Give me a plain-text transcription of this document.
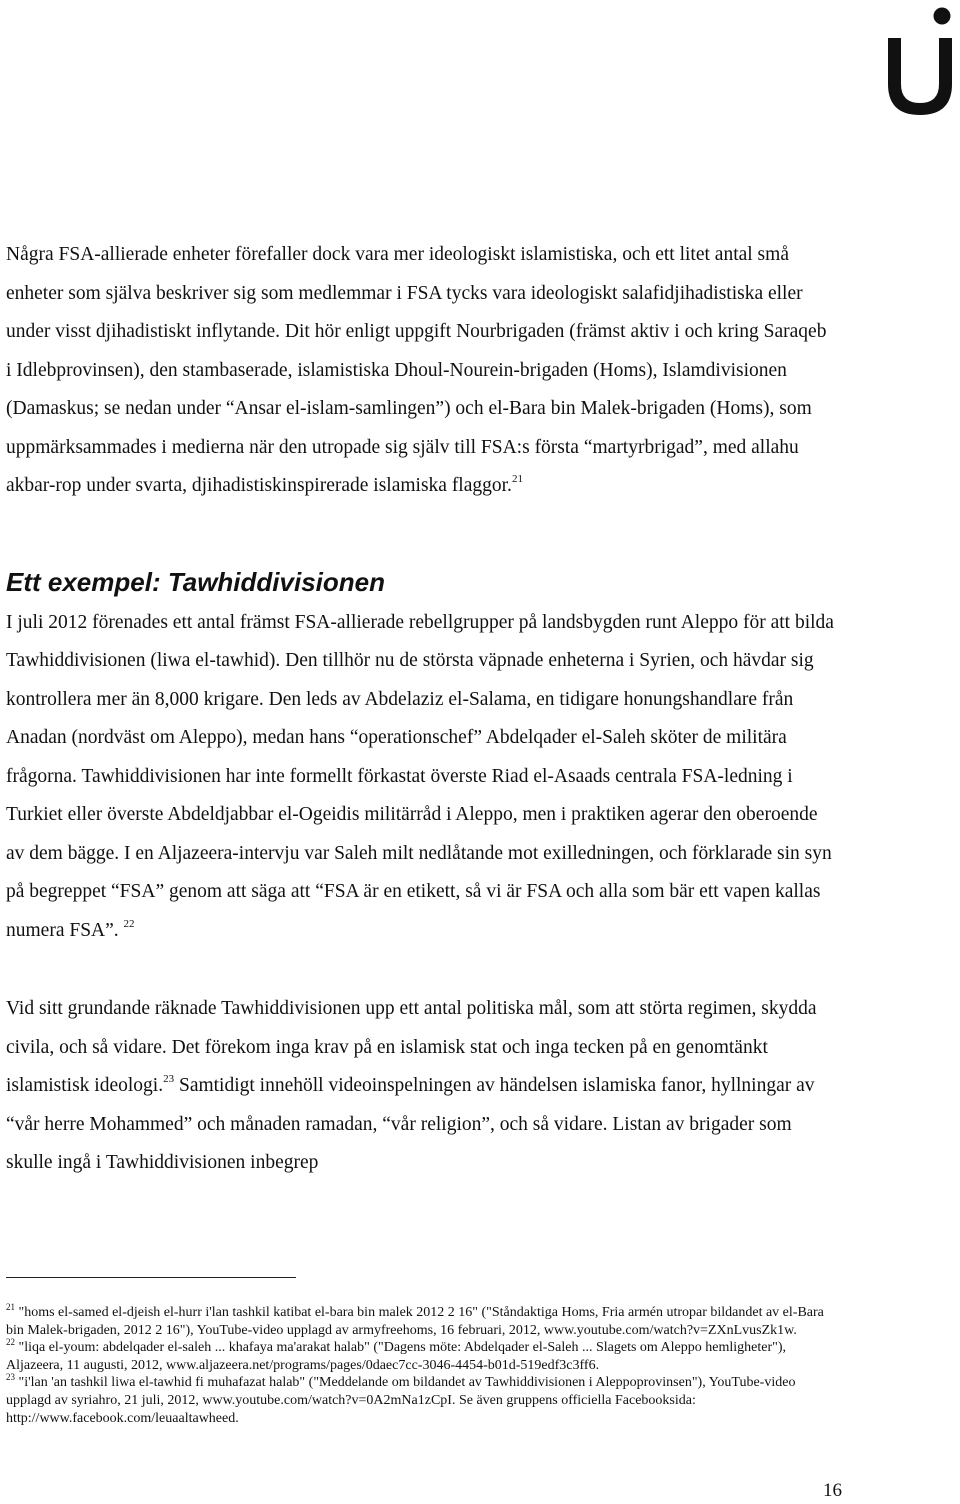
Några FSA-allierade enheter förefaller dock vara mer ideologiskt islamistiska, och ett litet antal små enheter som själva beskriver sig som medlemmar i FSA tycks vara ideologiskt salafidjihadistiska eller under visst djihadistiskt inflytande. Dit hör enligt uppgift Nourbrigaden (främst aktiv i och kring Saraqeb i Idlebprovinsen), den stambaserade, islamistiska Dhoul-Nourein-brigaden (Homs), Islamdivisionen (Damaskus; se nedan under “Ansar el-islam-samlingen”) och el-Bara bin Malek-brigaden (Homs), som uppmärksammades i medierna när den utropade sig själv till FSA:s första “martyrbrigad”, med allahu akbar-rop under svarta, djihadistiskinspirerade islamiska flaggor.$^{21}$

Ett exempel: Tawhiddivisionen

I juli 2012 förenades ett antal främst FSA-allierade rebellgrupper på landsbygden runt Aleppo för att bilda Tawhiddivisionen (liwa el-tawhid). Den tillhör nu de största väpnade enheterna i Syrien, och hävdar sig kontrollera mer än 8,000 krigare. Den leds av Abdelaziz el-Salama, en tidigare honungshandlare från Anadan (nordväst om Aleppo), medan hans “operationschef” Abdelqader el-Saleh sköter de militära frågorna. Tawhiddivisionen har inte formellt förkastat överste Riad el-Asaads centrala FSA-ledning i Turkiet eller överste Abdeldjabbar el-Ogeidis militärråd i Aleppo, men i praktiken agerar den oberoende av dem bägge. I en Aljazeera-intervju var Saleh milt nedlåtande mot exilledningen, och förklarade sin syn på begreppet “FSA” genom att säga att “FSA är en etikett, så vi är FSA och alla som bär ett vapen kallas numera FSA”. $^{22}$

Vid sitt grundande räknade Tawhiddivisionen upp ett antal politiska mål, som att störta regimen, skydda civila, och så vidare. Det förekom inga krav på en islamisk stat och inga tecken på en genomtänkt islamistisk ideologi.$^{23}$ Samtidigt innehöll videoinspelningen av händelsen islamiska fanor, hyllningar av “vår herre Mohammed” och månaden ramadan, “vår religion”, och så vidare. Listan av brigader som skulle ingå i Tawhiddivisionen inbegrep

$^{21}$ "homs el-samed el-djeish el-hurr i'lan tashkil katibat el-bara bin malek 2012 2 16" ("Ståndaktiga Homs, Fria armén utropar bildandet av el-Bara bin Malek-brigaden, 2012 2 16"), YouTube-video upplagd av armyfreehoms, 16 februari, 2012, www.youtube.com/watch?v=ZXnLvusZk1w.

$^{22}$ "liqa el-youm: abdelqader el-saleh ... khafaya ma'arakat halab" ("Dagens möte: Abdelqader el-Saleh ... Slagets om Aleppo hemligheter"), Aljazeera, 11 augusti, 2012, www.aljazeera.net/programs/pages/0daec7cc-3046-4454-b01d-519edf3c3ff6.

$^{23}$ "i'lan 'an tashkil liwa el-tawhid fi muhafazat halab" ("Meddelande om bildandet av Tawhiddivisionen i Aleppoprovinsen"), YouTube-video upplagd av syriahro, 21 juli, 2012, www.youtube.com/watch?v=0A2mNa1zCpI. Se även gruppens officiella Facebooksida: http://www.facebook.com/leuaaltawheed.

16
